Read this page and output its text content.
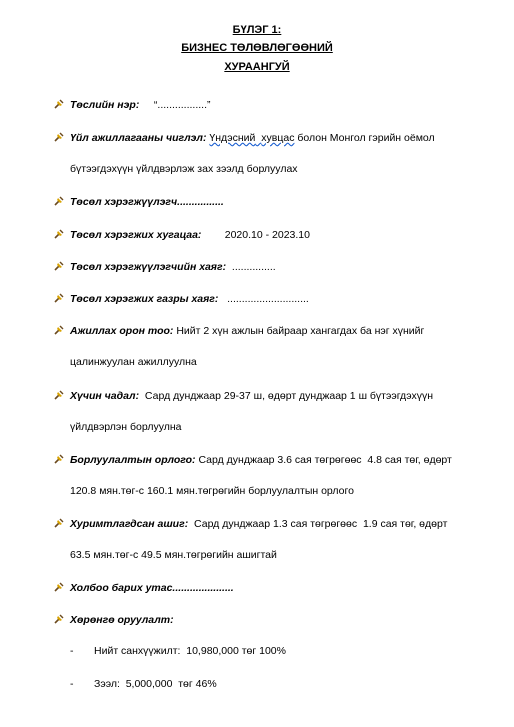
БҮЛЭГ 1:
БИЗНЕС ТӨЛӨВЛӨГӨӨНИЙ
ХУРААНГУЙ
Төслийн нэр:     “.................”
Үйл ажиллагааны чиглэл: Үндэсний хувцас болон Монгол гэрийн оёмол
бүтээгдэхүүн үйлдвэрлэж зах зээлд борлуулах
Төсөл хэрэгжүүлэгч................
Төсөл хэрэгжих хугацаа:        2020.10 - 2023.10
Төсөл хэрэгжүүлэгчийн хаяг:  ...............
Төсөл хэрэгжих газры хаяг:   ............................
Ажиллах орон тоо: Нийт 2 хүн ажлын байраар хангагдах ба нэг хүнийг
цалинжуулан ажиллуулна
Хүчин чадал:  Сард дунджаар 29-37 ш, өдөрт дунджаар 1 ш бүтээгдэхүүн
үйлдвэрлэн борлуулна
Борлуулалтын орлого: Сард дунджаар 3.6 сая төгрөгөөс  4.8 сая төг, өдөрт
120.8 мян.төг-с 160.1 мян.төгрөгийн борлуулалтын орлого
Хуримтлагдсан ашиг:  Сард дунджаар 1.3 сая төгрөгөөс  1.9 сая төг, өдөрт
63.5 мян.төг-с 49.5 мян.төгрөгийн ашигтай
Холбоо барих утас.....................
Хөрөнгө оруулалт:
- Нийт санхүүжилт:  10,980,000 төг 100%
- Зээл:  5,000,000  төг 46%
